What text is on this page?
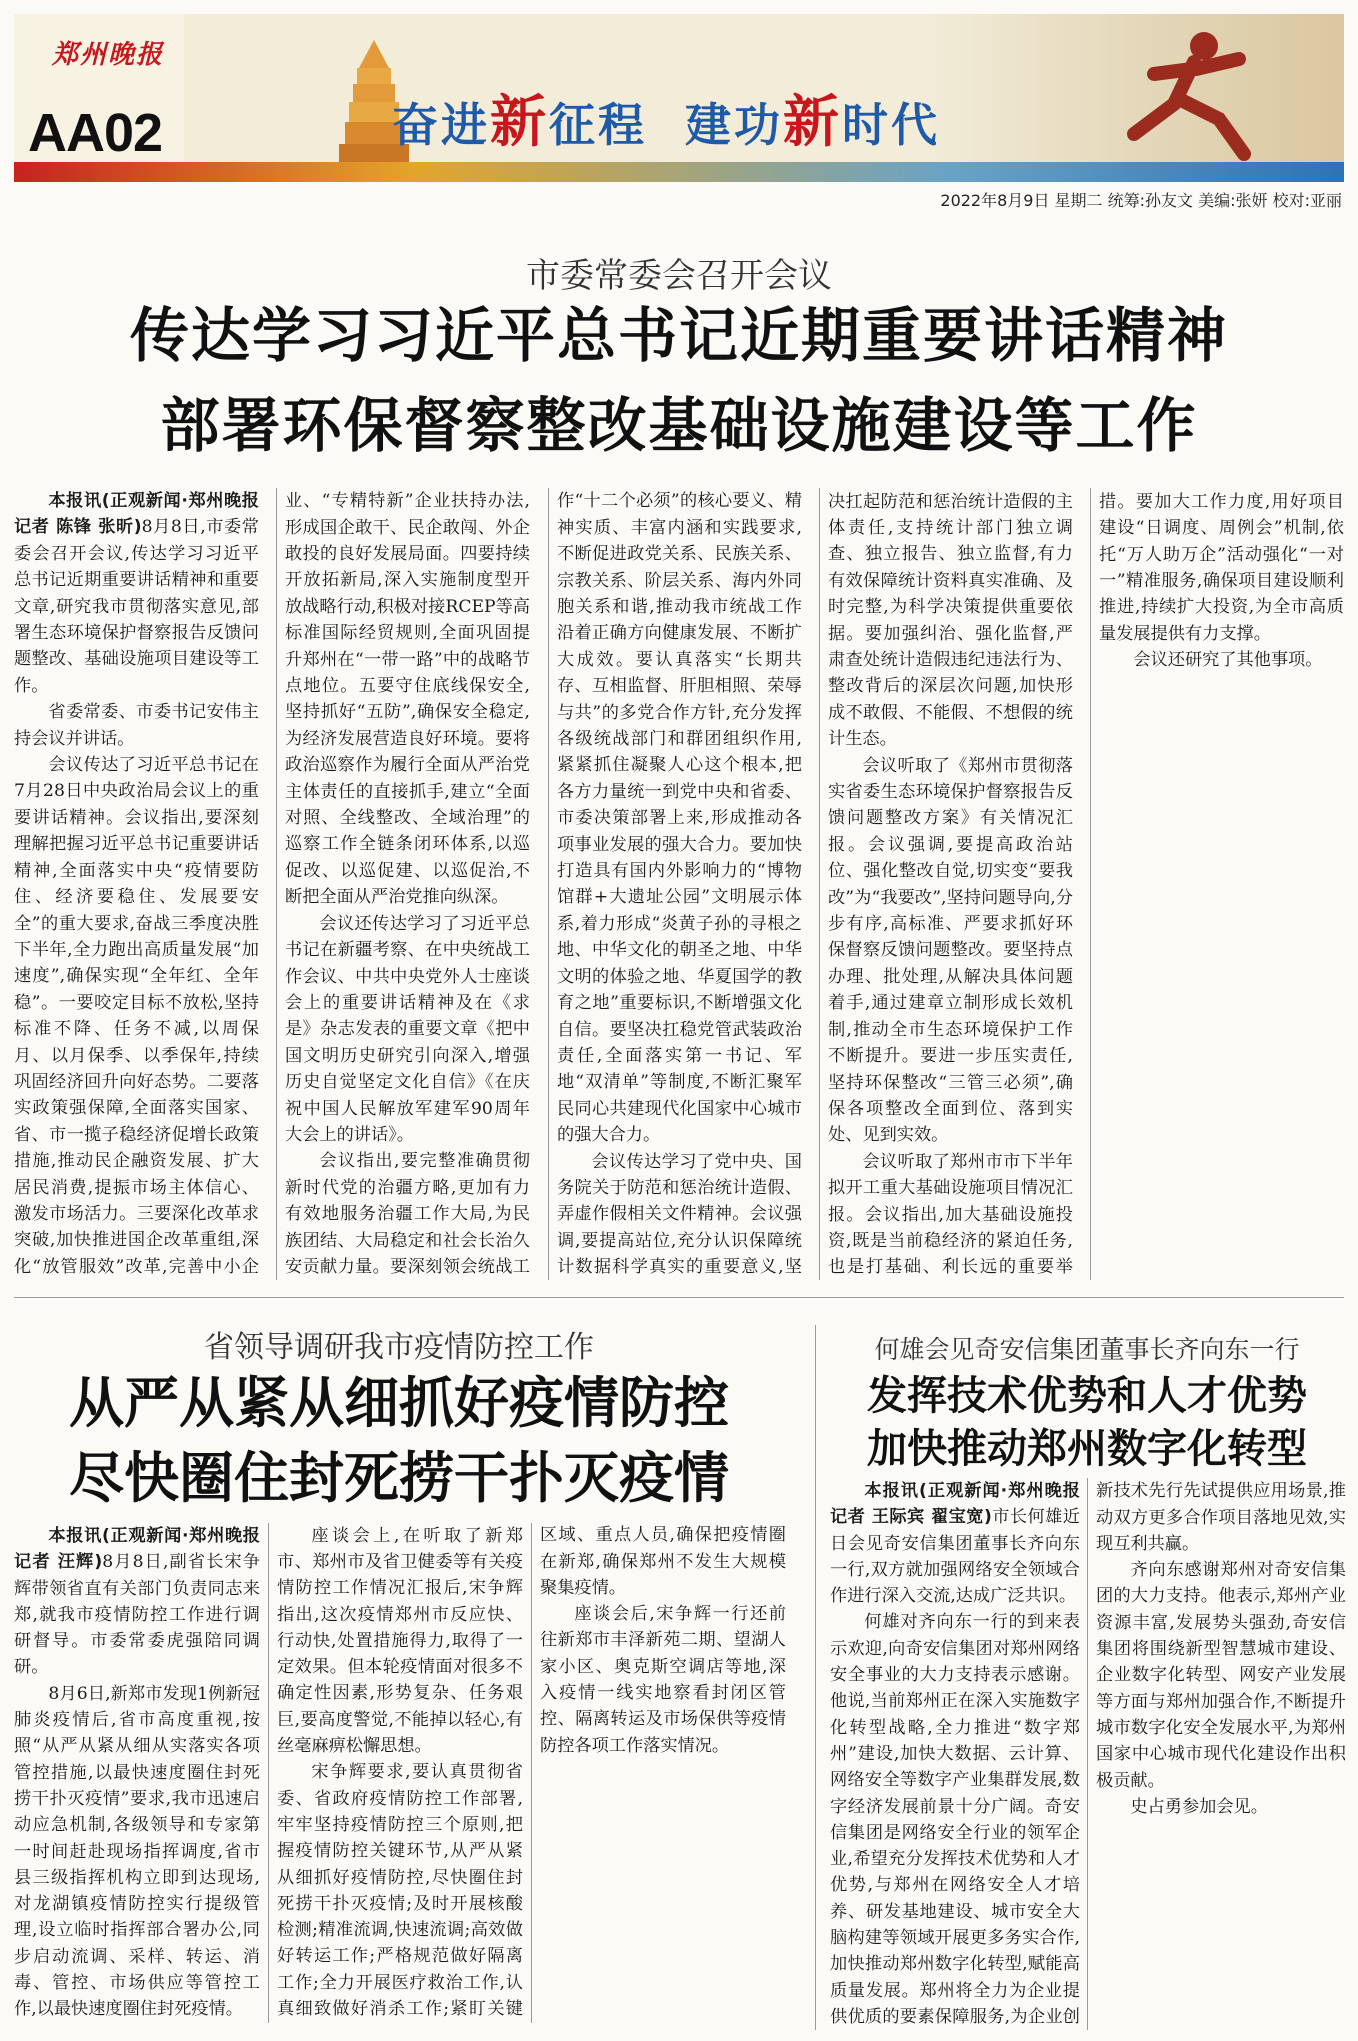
郑州晚报
AA02	奋进新征程  建功新时代
2022年8月9日 星期二 统筹:孙友文 美编:张妍 校对:亚丽
市委常委会召开会议
传达学习习近平总书记近期重要讲话精神
部署环保督察整改基础设施建设等工作

本报讯(正观新闻·郑州晚报记者 陈锋 张昕)8月8日,市委常委会召开会议,传达学习习近平总书记近期重要讲话精神和重要文章,研究我市贯彻落实意见,部署生态环境保护督察报告反馈问题整改、基础设施项目建设等工作。

省委常委、市委书记安伟主持会议并讲话。

会议传达了习近平总书记在7月28日中央政治局会议上的重要讲话精神。会议指出,要深刻理解把握习近平总书记重要讲话精神,全面落实中央“疫情要防住、经济要稳住、发展要安全”的重大要求,奋战三季度决胜下半年,全力跑出高质量发展“加速度”,确保实现“全年红、全年稳”。一要咬定目标不放松,坚持标准不降、任务不减,以周保月、以月保季、以季保年,持续巩固经济回升向好态势。二要落实政策强保障,全面落实国家、省、市一揽子稳经济促增长政策措施,推动民企融资发展、扩大居民消费,提振市场主体信心、激发市场活力。三要深化改革求突破,加快推进国企改革重组,深化“放管服效”改革,完善中小企

业、“专精特新”企业扶持办法,形成国企敢干、民企敢闯、外企敢投的良好发展局面。四要持续开放拓新局,深入实施制度型开放战略行动,积极对接RCEP等高标准国际经贸规则,全面巩固提升郑州在“一带一路”中的战略节点地位。五要守住底线保安全,坚持抓好“五防”,确保安全稳定,为经济发展营造良好环境。要将政治巡察作为履行全面从严治党主体责任的直接抓手,建立“全面对照、全线整改、全域治理”的巡察工作全链条闭环体系,以巡促改、以巡促建、以巡促治,不断把全面从严治党推向纵深。

会议还传达学习了习近平总书记在新疆考察、在中央统战工作会议、中共中央党外人士座谈会上的重要讲话精神及在《求是》杂志发表的重要文章《把中国文明历史研究引向深入,增强历史自觉坚定文化自信》《在庆祝中国人民解放军建军90周年大会上的讲话》。

会议指出,要完整准确贯彻新时代党的治疆方略,更加有力有效地服务治疆工作大局,为民族团结、大局稳定和社会长治久安贡献力量。要深刻领会统战工

作“十二个必须”的核心要义、精神实质、丰富内涵和实践要求,不断促进政党关系、民族关系、宗教关系、阶层关系、海内外同胞关系和谐,推动我市统战工作沿着正确方向健康发展、不断扩大成效。要认真落实“长期共存、互相监督、肝胆相照、荣辱与共”的多党合作方针,充分发挥各级统战部门和群团组织作用,紧紧抓住凝聚人心这个根本,把各方力量统一到党中央和省委、市委决策部署上来,形成推动各项事业发展的强大合力。要加快打造具有国内外影响力的“博物馆群+大遗址公园”文明展示体系,着力形成“炎黄子孙的寻根之地、中华文化的朝圣之地、中华文明的体验之地、华夏国学的教育之地”重要标识,不断增强文化自信。要坚决扛稳党管武装政治责任,全面落实第一书记、军地“双清单”等制度,不断汇聚军民同心共建现代化国家中心城市的强大合力。

会议传达学习了党中央、国务院关于防范和惩治统计造假、弄虚作假相关文件精神。会议强调,要提高站位,充分认识保障统计数据科学真实的重要意义,坚

决扛起防范和惩治统计造假的主体责任,支持统计部门独立调查、独立报告、独立监督,有力有效保障统计资料真实准确、及时完整,为科学决策提供重要依据。要加强纠治、强化监督,严肃查处统计造假违纪违法行为、整改背后的深层次问题,加快形成不敢假、不能假、不想假的统计生态。

会议听取了《郑州市贯彻落实省委生态环境保护督察报告反馈问题整改方案》有关情况汇报。会议强调,要提高政治站位、强化整改自觉,切实变“要我改”为“我要改”,坚持问题导向,分步有序,高标准、严要求抓好环保督察反馈问题整改。要坚持点办理、批处理,从解决具体问题着手,通过建章立制形成长效机制,推动全市生态环境保护工作不断提升。要进一步压实责任,坚持环保整改“三管三必须”,确保各项整改全面到位、落到实处、见到实效。

会议听取了郑州市市下半年拟开工重大基础设施项目情况汇报。会议指出,加大基础设施投资,既是当前稳经济的紧迫任务,也是打基础、利长远的重要举

措。要加大工作力度,用好项目建设“日调度、周例会”机制,依托“万人助万企”活动强化“一对一”精准服务,确保项目建设顺利推进,持续扩大投资,为全市高质量发展提供有力支撑。

会议还研究了其他事项。

省领导调研我市疫情防控工作
从严从紧从细抓好疫情防控
尽快圈住封死捞干扑灭疫情

本报讯(正观新闻·郑州晚报记者 汪辉)8月8日,副省长宋争辉带领省直有关部门负责同志来郑,就我市疫情防控工作进行调研督导。市委常委虎强陪同调研。

8月6日,新郑市发现1例新冠肺炎疫情后,省市高度重视,按照“从严从紧从细从实落实各项管控措施,以最快速度圈住封死捞干扑灭疫情”要求,我市迅速启动应急机制,各级领导和专家第一时间赶赴现场指挥调度,省市县三级指挥机构立即到达现场,对龙湖镇疫情防控实行提级管理,设立临时指挥部合署办公,同步启动流调、采样、转运、消毒、管控、市场供应等管控工作,以最快速度圈住封死疫情。

座谈会上,在听取了新郑市、郑州市及省卫健委等有关疫情防控工作情况汇报后,宋争辉指出,这次疫情郑州市反应快、行动快,处置措施得力,取得了一定效果。但本轮疫情面对很多不确定性因素,形势复杂、任务艰巨,要高度警觉,不能掉以轻心,有丝毫麻痹松懈思想。

宋争辉要求,要认真贯彻省委、省政府疫情防控工作部署,牢牢坚持疫情防控三个原则,把握疫情防控关键环节,从严从紧从细抓好疫情防控,尽快圈住封死捞干扑灭疫情;及时开展核酸检测;精准流调,快速流调;高效做好转运工作;严格规范做好隔离工作;全力开展医疗救治工作,认真细致做好消杀工作;紧盯关键

区域、重点人员,确保把疫情圈在新郑,确保郑州不发生大规模聚集疫情。

座谈会后,宋争辉一行还前往新郑市丰泽新苑二期、望湖人家小区、奥克斯空调店等地,深入疫情一线实地察看封闭区管控、隔离转运及市场保供等疫情防控各项工作落实情况。

何雄会见奇安信集团董事长齐向东一行
发挥技术优势和人才优势
加快推动郑州数字化转型

本报讯(正观新闻·郑州晚报记者 王际宾 翟宝宽)市长何雄近日会见奇安信集团董事长齐向东一行,双方就加强网络安全领域合作进行深入交流,达成广泛共识。

何雄对齐向东一行的到来表示欢迎,向奇安信集团对郑州网络安全事业的大力支持表示感谢。他说,当前郑州正在深入实施数字化转型战略,全力推进“数字郑州”建设,加快大数据、云计算、网络安全等数字产业集群发展,数字经济发展前景十分广阔。奇安信集团是网络安全行业的领军企业,希望充分发挥技术优势和人才优势,与郑州在网络安全人才培养、研发基地建设、城市安全大脑构建等领域开展更多务实合作,加快推动郑州数字化转型,赋能高质量发展。郑州将全力为企业提供优质的要素保障服务,为企业创

新技术先行先试提供应用场景,推动双方更多合作项目落地见效,实现互利共赢。

齐向东感谢郑州对奇安信集团的大力支持。他表示,郑州产业资源丰富,发展势头强劲,奇安信集团将围绕新型智慧城市建设、企业数字化转型、网安产业发展等方面与郑州加强合作,不断提升城市数字化安全发展水平,为郑州国家中心城市现代化建设作出积极贡献。

史占勇参加会见。
